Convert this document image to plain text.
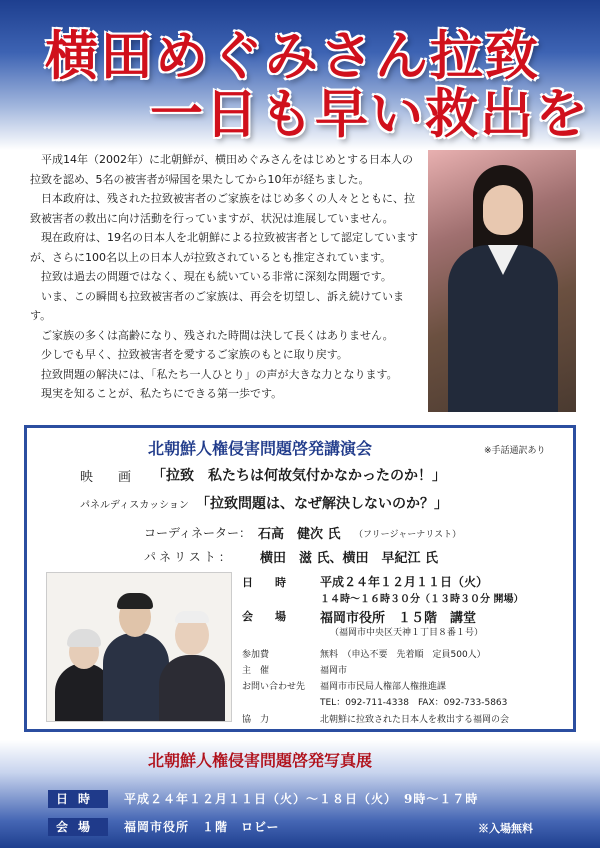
横田めぐみさん拉致
一日も早い救出を

平成14年（2002年）に北朝鮮が、横田めぐみさんをはじめとする日本人の拉致を認め、5名の被害者が帰国を果たしてから10年が経ちました。

日本政府は、残された拉致被害者のご家族をはじめ多くの人々とともに、拉致被害者の救出に向け活動を行っていますが、状況は進展していません。

現在政府は、19名の日本人を北朝鮮による拉致被害者として認定していますが、さらに100名以上の日本人が拉致されているとも推定されています。

拉致は過去の問題ではなく、現在も続いている非常に深刻な問題です。

いま、この瞬間も拉致被害者のご家族は、再会を切望し、訴え続けています。

ご家族の多くは高齢になり、残された時間は決して長くはありません。

少しでも早く、拉致被害者を愛するご家族のもとに取り戻す。

拉致問題の解決には、「私たち一人ひとり」の声が大きな力となります。

現実を知ることが、私たちにできる第一歩です。

北朝鮮人権侵害問題啓発講演会	※手話通訳あり
映　画 「拉致　私たちは何故気付かなかったのか！」
パネルディスカッション 「拉致問題は、なぜ解決しないのか？」
コーディネーター： 石高　健次 氏 （フリージャーナリスト）
パネリスト： 横田　滋 氏、横田　早紀江 氏
日　　時	平成２４年１２月１１日（火）
１４時～１６時３０分（１３時３０分 開場）
会　　場	福岡市役所　１５階　講堂
（福岡市中央区天神１丁目８番１号）
参加費	無料　（申込不要　先着順　定員500人）
主　催	福岡市
お問い合わせ先 福岡市市民局人権部人権推進課
TEL：092-711-4338　FAX：092-733-5863
協　力	北朝鮮に拉致された日本人を救出する福岡の会
北朝鮮人権侵害問題啓発写真展
日時	平成２４年１２月１１日（火）～１８日（火）　9時～１７時
会場	福岡市役所　１階　ロビー	※入場無料
